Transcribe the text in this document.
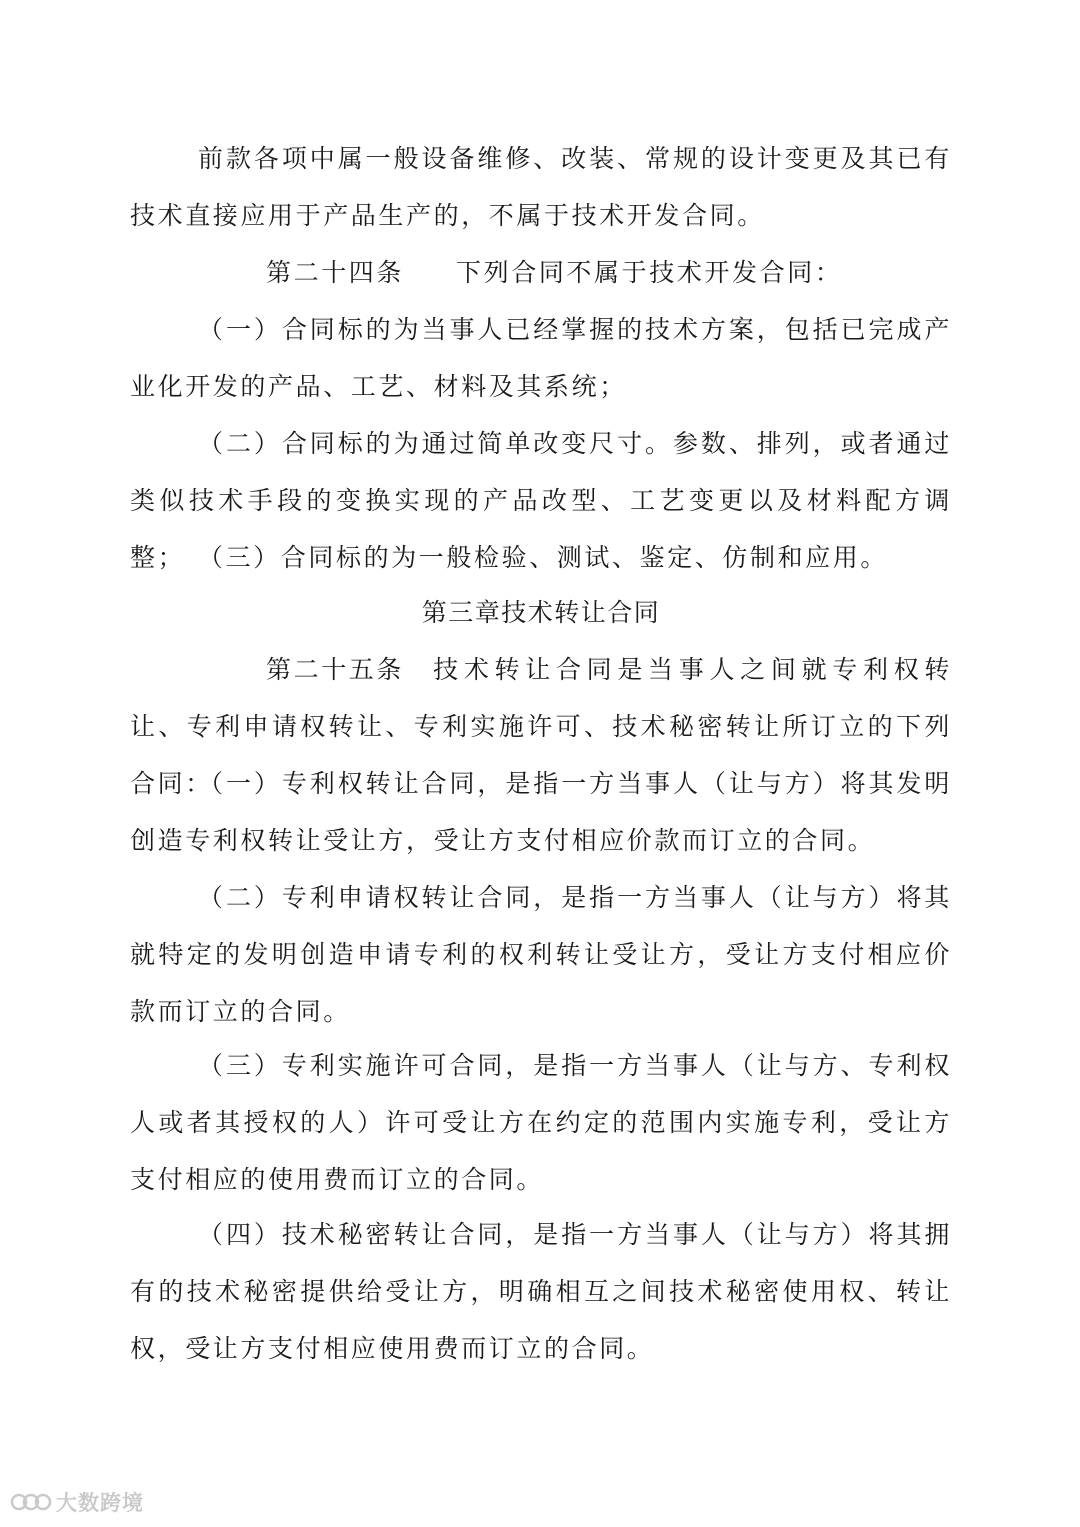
前款各项中属一般设备维修、改装、常规的设计变更及其已有技术直接应用于产品生产的，不属于技术开发合同。

第二十四条 下列合同不属于技术开发合同：

（一）合同标的为当事人已经掌握的技术方案，包括已完成产业化开发的产品、工艺、材料及其系统；

（二）合同标的为通过简单改变尺寸。参数、排列，或者通过类似技术手段的变换实现的产品改型、工艺变更以及材料配方调整； （三）合同标的为一般检验、测试、鉴定、仿制和应用。

第三章技术转让合同

第二十五条 技术转让合同是当事人之间就专利权转让、专利申请权转让、专利实施许可、技术秘密转让所订立的下列合同：

（一）专利权转让合同，是指一方当事人（让与方）将其发明创造专利权转让受让方，受让方支付相应价款而订立的合同。

（二）专利申请权转让合同，是指一方当事人（让与方）将其就特定的发明创造申请专利的权利转让受让方，受让方支付相应价款而订立的合同。

（三）专利实施许可合同，是指一方当事人（让与方、专利权人或者其授权的人）许可受让方在约定的范围内实施专利，受让方支付相应的使用费而订立的合同。

（四）技术秘密转让合同，是指一方当事人（让与方）将其拥有的技术秘密提供给受让方，明确相互之间技术秘密使用权、转让权，受让方支付相应使用费而订立的合同。

大数跨境
